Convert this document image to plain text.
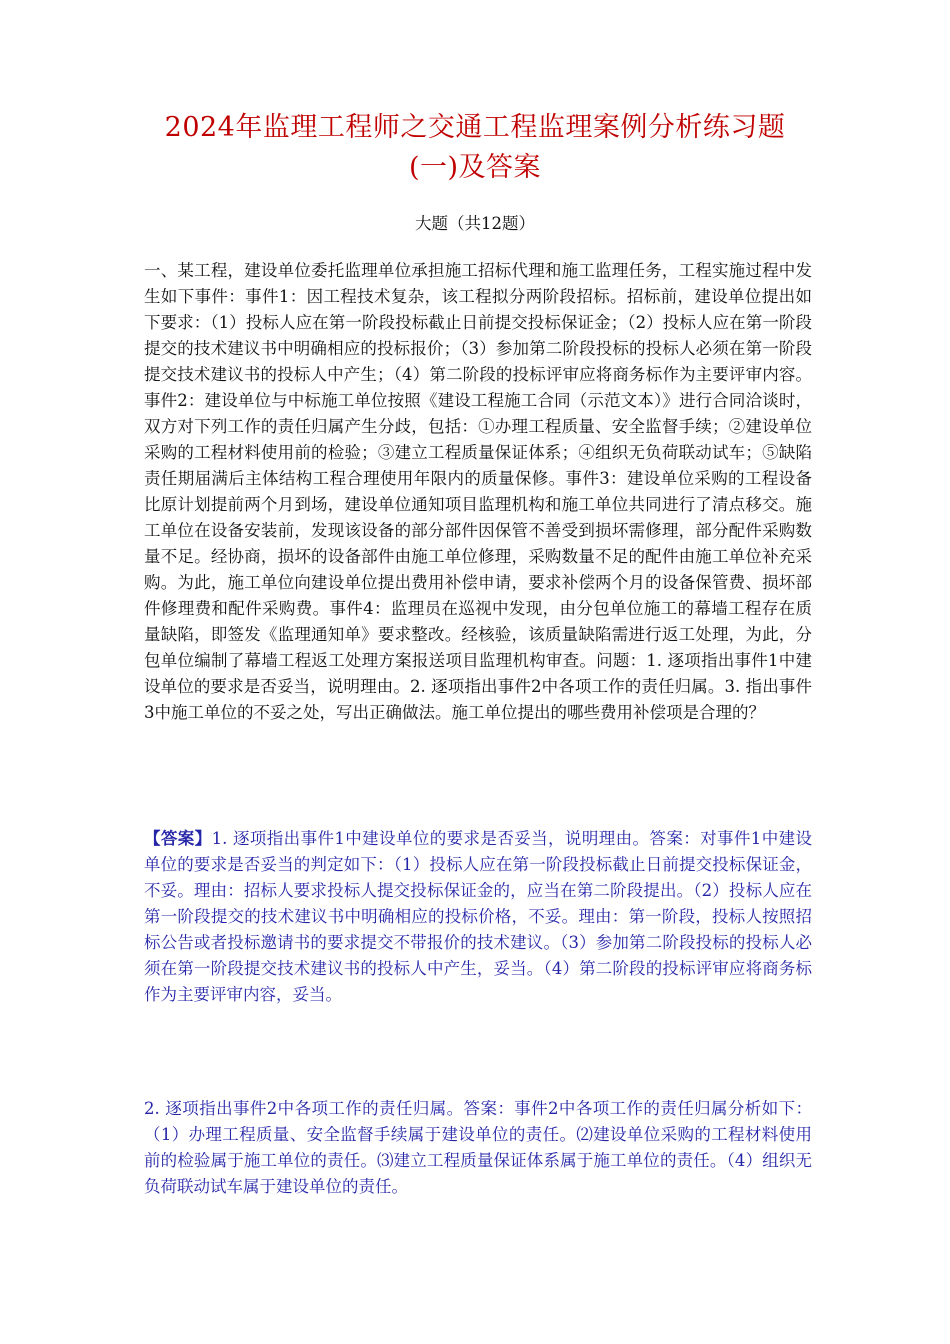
2024年监理工程师之交通工程监理案例分析练习题(一)及答案
大题（共12题）
一、某工程，建设单位委托监理单位承担施工招标代理和施工监理任务，工程实施过程中发生如下事件：事件1：因工程技术复杂，该工程拟分两阶段招标。招标前，建设单位提出如下要求：（1）投标人应在第一阶段投标截止日前提交投标保证金；（2）投标人应在第一阶段提交的技术建议书中明确相应的投标报价；（3）参加第二阶段投标的投标人必须在第一阶段提交技术建议书的投标人中产生；（4）第二阶段的投标评审应将商务标作为主要评审内容。事件2：建设单位与中标施工单位按照《建设工程施工合同（示范文本）》进行合同洽谈时，双方对下列工作的责任归属产生分歧，包括：①办理工程质量、安全监督手续；②建设单位采购的工程材料使用前的检验；③建立工程质量保证体系；④组织无负荷联动试车；⑤缺陷责任期届满后主体结构工程合理使用年限内的质量保修。事件3：建设单位采购的工程设备比原计划提前两个月到场，建设单位通知项目监理机构和施工单位共同进行了清点移交。施工单位在设备安装前，发现该设备的部分部件因保管不善受到损坏需修理，部分配件采购数量不足。经协商，损坏的设备部件由施工单位修理，采购数量不足的配件由施工单位补充采购。为此，施工单位向建设单位提出费用补偿申请，要求补偿两个月的设备保管费、损坏部件修理费和配件采购费。事件4：监理员在巡视中发现，由分包单位施工的幕墙工程存在质量缺陷，即签发《监理通知单》要求整改。经核验，该质量缺陷需进行返工处理，为此，分包单位编制了幕墙工程返工处理方案报送项目监理机构审查。问题：1. 逐项指出事件1中建设单位的要求是否妥当，说明理由。2. 逐项指出事件2中各项工作的责任归属。3. 指出事件3中施工单位的不妥之处，写出正确做法。施工单位提出的哪些费用补偿项是合理的？
【答案】1. 逐项指出事件1中建设单位的要求是否妥当，说明理由。答案：对事件1中建设单位的要求是否妥当的判定如下：（1）投标人应在第一阶段投标截止日前提交投标保证金，不妥。理由：招标人要求投标人提交投标保证金的，应当在第二阶段提出。（2）投标人应在第一阶段提交的技术建议书中明确相应的投标价格，不妥。理由：第一阶段，投标人按照招标公告或者投标邀请书的要求提交不带报价的技术建议。（3）参加第二阶段投标的投标人必须在第一阶段提交技术建议书的投标人中产生，妥当。（4）第二阶段的投标评审应将商务标作为主要评审内容，妥当。
2. 逐项指出事件2中各项工作的责任归属。答案：事件2中各项工作的责任归属分析如下：（1）办理工程质量、安全监督手续属于建设单位的责任。⑵建设单位采购的工程材料使用前的检验属于施工单位的责任。⑶建立工程质量保证体系属于施工单位的责任。（4）组织无负荷联动试车属于建设单位的责任。
